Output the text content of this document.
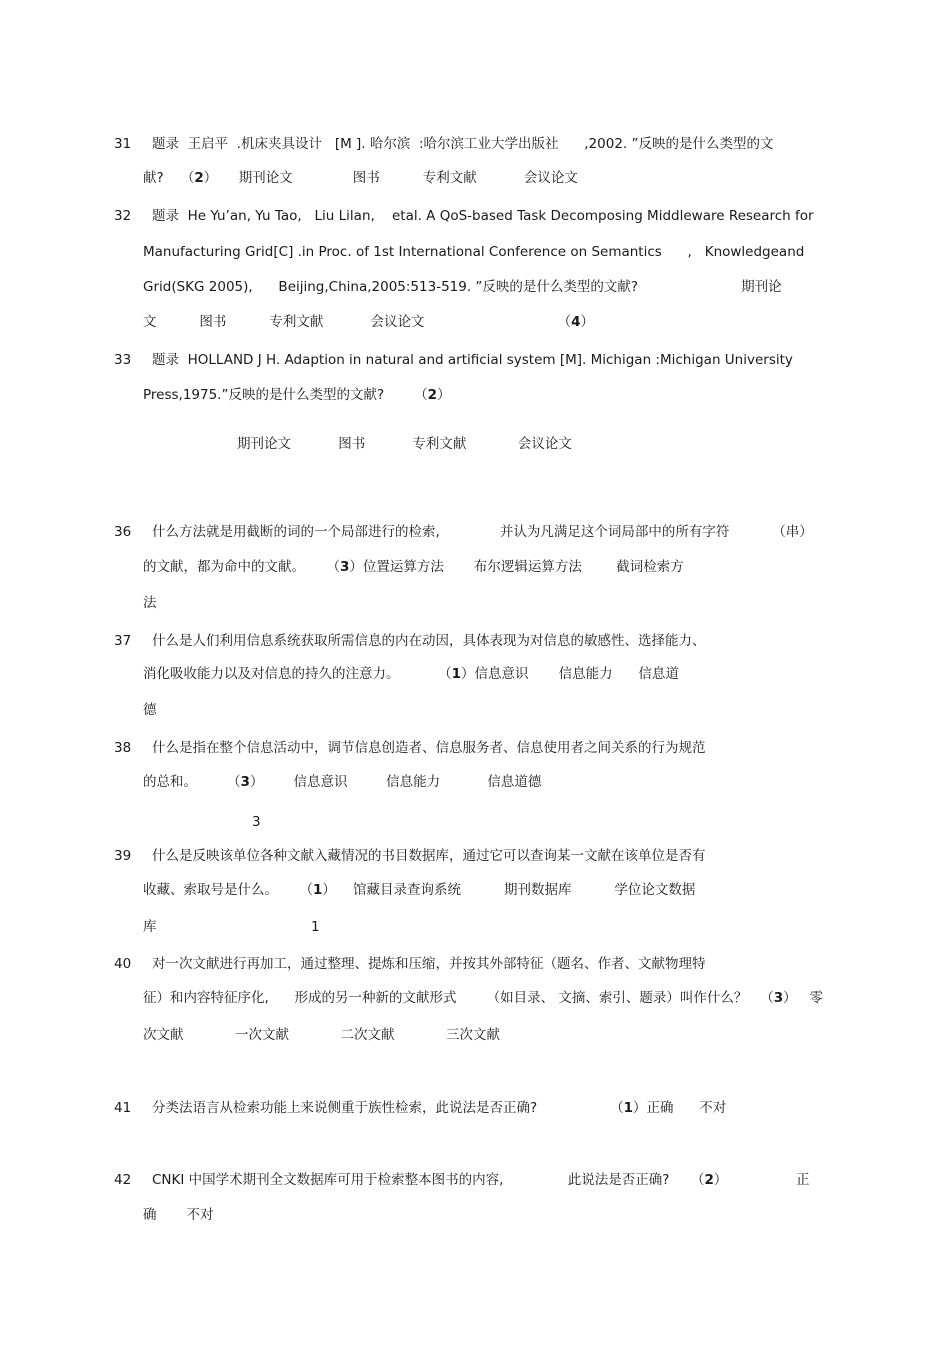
31 题录  王启平  .机床夹具设计   [M ]. 哈尔滨  :哈尔滨工业大学出版社      ,2002. ”反映的是什么类型的文
献?    （2）     期刊论文              图书          专利文献           会议论文
32 题录  He Yu’an, Yu Tao,   Liu Lilan,    etal. A QoS-based Task Decomposing Middleware Research for
Manufacturing Grid[C] .in Proc. of 1st International Conference on Semantics      ,   Knowledgeand
Grid(SKG 2005),      Beijing,China,2005:513-519. ”反映的是什么类型的文献?                        期刊论
文          图书          专利文献           会议论文                               （4）
33 题录  HOLLAND J H. Adaption in natural and artificial system [M]. Michigan :Michigan University
Press,1975.”反映的是什么类型的文献?       （2）
期刊论文           图书           专利文献            会议论文
36 什么方法就是用截断的词的一个局部进行的检索,              并认为凡满足这个词局部中的所有字符          （串）
的文献，都为命中的文献。     （3）位置运算方法       布尔逻辑运算方法        截词检索方
法
37 什么是人们利用信息系统获取所需信息的内在动因，具体表现为对信息的敏感性、选择能力、
消化吸收能力以及对信息的持久的注意力。         （1）信息意识       信息能力      信息道
德
38 什么是指在整个信息活动中，调节信息创造者、信息服务者、信息使用者之间关系的行为规范
的总和。       （3）       信息意识         信息能力           信息道德
3
39 什么是反映该单位各种文献入藏情况的书目数据库，通过它可以查询某一文献在该单位是否有
收藏、索取号是什么。     （1）    馆藏目录查询系统          期刊数据库          学位论文数据
库                                    1
40 对一次文献进行再加工，通过整理、提炼和压缩，并按其外部特征（题名、作者、文献物理特
征）和内容特征序化,      形成的另一种新的文献形式       （如目录、 文摘、索引、题录）叫作什么？   （3）   零
次文献            一次文献            二次文献            三次文献
41 分类法语言从检索功能上来说侧重于族性检索，此说法是否正确?                 （1）正确      不对
42 CNKI 中国学术期刊全文数据库可用于检索整本图书的内容,               此说法是否正确?     （2）                正
确       不对
